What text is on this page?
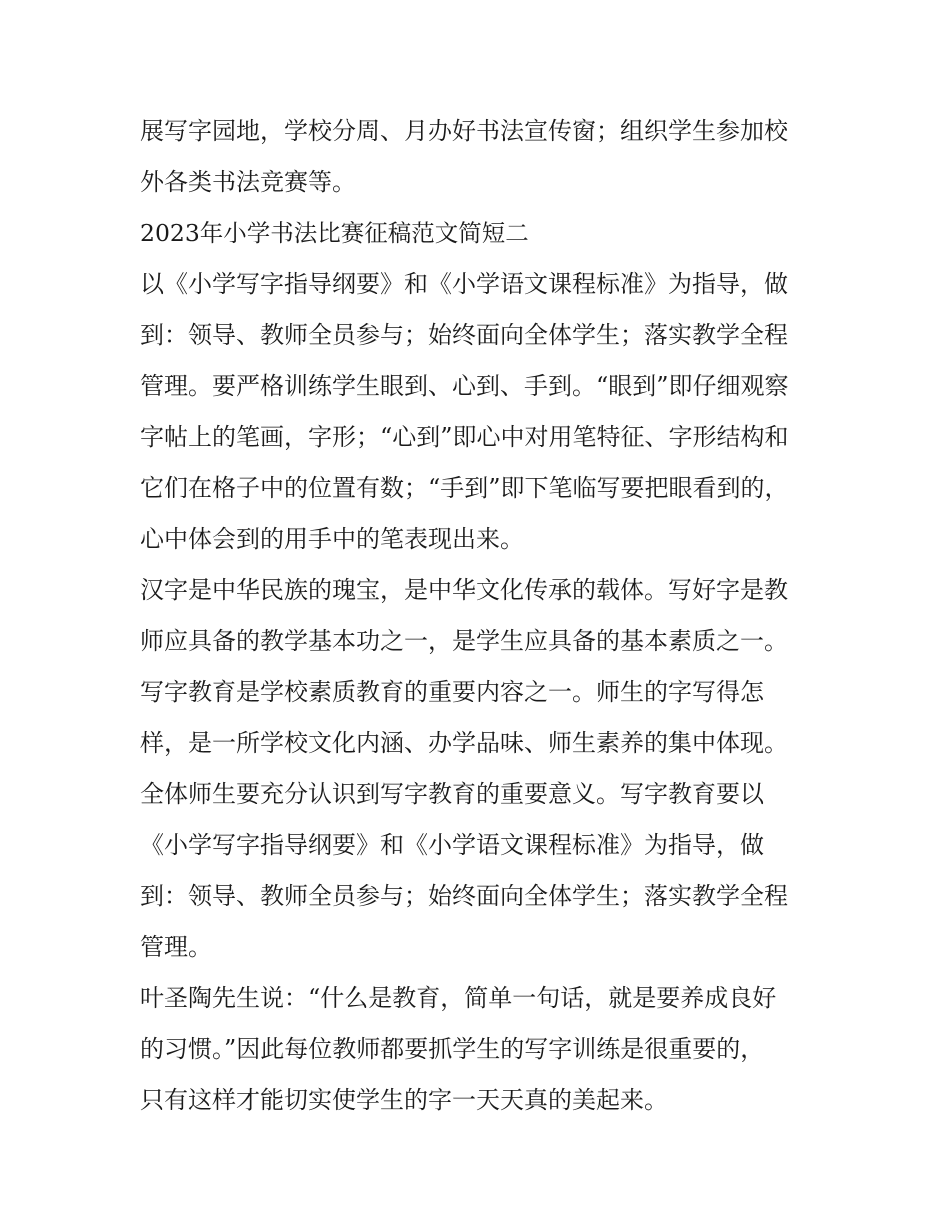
展写字园地，学校分周、月办好书法宣传窗；组织学生参加校
外各类书法竞赛等。
2023年小学书法比赛征稿范文简短二
以《小学写字指导纲要》和《小学语文课程标准》为指导，做
到：领导、教师全员参与；始终面向全体学生；落实教学全程
管理。要严格训练学生眼到、心到、手到。“眼到”即仔细观察
字帖上的笔画，字形；“心到”即心中对用笔特征、字形结构和
它们在格子中的位置有数；“手到”即下笔临写要把眼看到的，
心中体会到的用手中的笔表现出来。
汉字是中华民族的瑰宝，是中华文化传承的载体。写好字是教
师应具备的教学基本功之一，是学生应具备的基本素质之一。
写字教育是学校素质教育的重要内容之一。师生的字写得怎
样，是一所学校文化内涵、办学品味、师生素养的集中体现。
全体师生要充分认识到写字教育的重要意义。写字教育要以
《小学写字指导纲要》和《小学语文课程标准》为指导，做
到：领导、教师全员参与；始终面向全体学生；落实教学全程
管理。
叶圣陶先生说：“什么是教育，简单一句话，就是要养成良好
的习惯。”因此每位教师都要抓学生的写字训练是很重要的，
只有这样才能切实使学生的字一天天真的美起来。
